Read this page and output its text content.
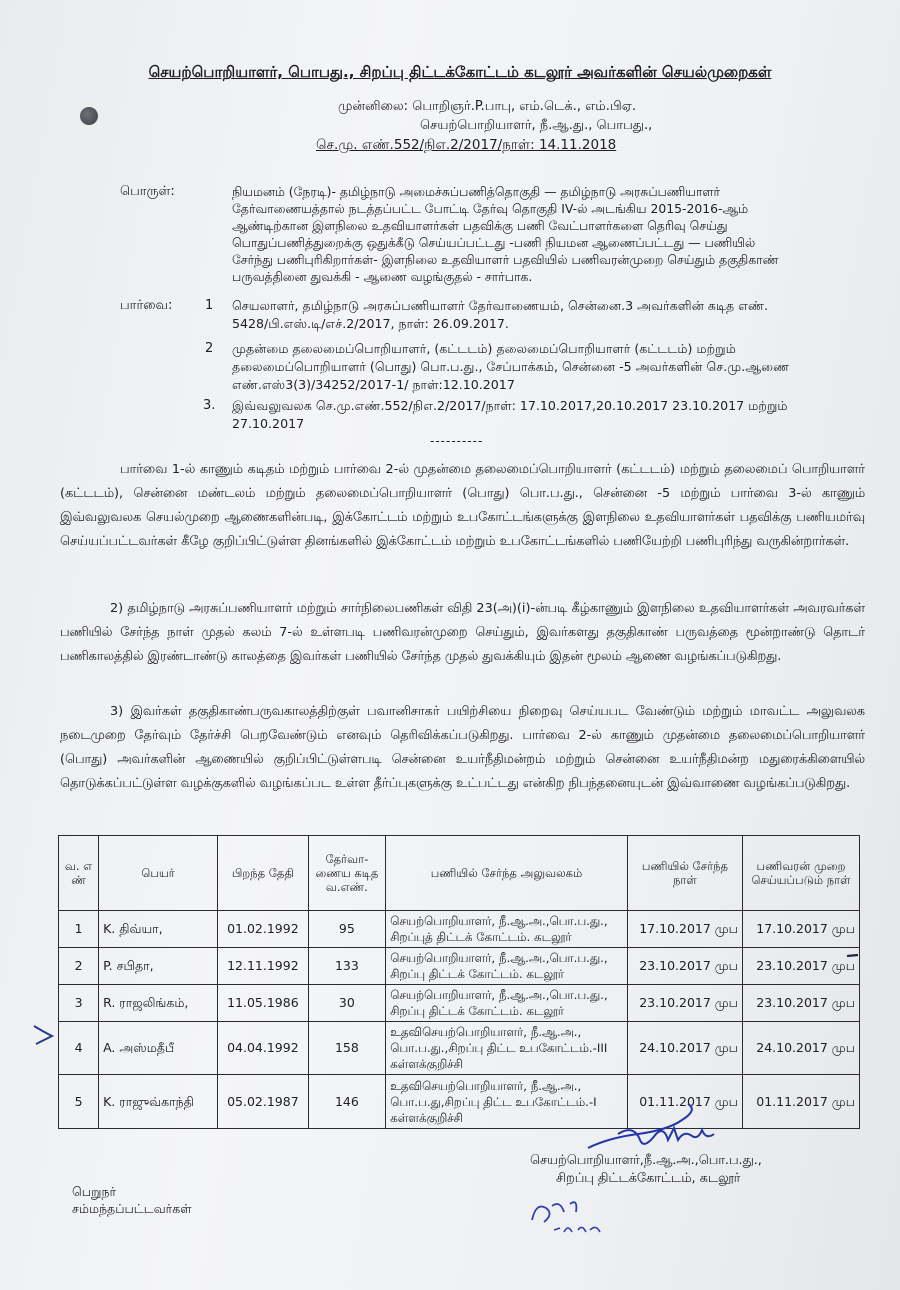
செயற்பொறியாளர், பொபது., சிறப்பு திட்டக்கோட்டம் கடலூர் அவர்களின் செயல்முறைகள்
முன்னிலை: பொறிஞர்.P.பாபு, எம்.டெக்., எம்.பிஏ.
செயற்பொறியாளர், நீ.ஆ.து., பொபது.,
செ.மு. எண்.552/நிஎ.2/2017/நாள்: 14.11.2018
பொருள்:	நியமனம் (நேரடி)- தமிழ்நாடு அமைச்சுப்பணித்தொகுதி — தமிழ்நாடு அரசுப்பணியாளர் தேர்வாணையத்தால் நடத்தப்பட்ட போட்டி தேர்வு தொகுதி IV-ல் அடங்கிய 2015-2016-ஆம் ஆண்டிற்கான இளநிலை உதவியாளர்கள் பதவிக்கு பணி வேட்பாளர்களை தெரிவு செய்து பொதுப்பணித்துறைக்கு ஒதுக்கீடு செய்யப்பட்டது -பணி நியமன ஆணைப்பட்டது — பணியில் சேர்ந்து பணிபுரிகிறார்கள்- இளநிலை உதவியாளர் பதவியில் பணிவரன்முறை செய்தும் தகுதிகாண் பருவத்தினை துவக்கி - ஆணை வழங்குதல் - சார்பாக.
பார்வை:	1 செயலாளர், தமிழ்நாடு அரசுப்பணியாளர் தேர்வாணையம், சென்னை.3 அவர்களின் கடித எண். 5428/பி.எஸ்.டி/எச்.2/2017, நாள்: 26.09.2017.
2 முதன்மை தலைமைப்பொறியாளர், (கட்டடம்) தலைமைப்பொறியாளர் (கட்டடம்) மற்றும் தலைமைப்பொறியாளர் (பொது) பொ.ப.து., சேப்பாக்கம், சென்னை -5 அவர்களின் செ.மு.ஆணை எண்.எஸ்3(3)/34252/2017-1/ நாள்:12.10.2017
3. இவ்வலுவலக செ.மு.எண்.552/நிஎ.2/2017/நாள்: 17.10.2017,20.10.2017 23.10.2017 மற்றும் 27.10.2017
----------
பார்வை 1-ல் காணும் கடிதம் மற்றும் பார்வை 2-ல் முதன்மை தலைமைப்பொறியாளர் (கட்டடம்) மற்றும் தலைமைப் பொறியாளர் (கட்டடம்), சென்னை மண்டலம் மற்றும் தலைமைப்பொறியாளர் (பொது) பொ.ப.து., சென்னை -5 மற்றும் பார்வை 3-ல் காணும் இவ்வலுவலக செயல்முறை ஆணைகளின்படி, இக்கோட்டம் மற்றும் உபகோட்டங்களுக்கு இளநிலை உதவியாளர்கள் பதவிக்கு பணியமர்வு செய்யப்பட்டவர்கள் கீழே குறிப்பிட்டுள்ள தினங்களில் இக்கோட்டம் மற்றும் உபகோட்டங்களில் பணியேற்றி பணிபுரிந்து வருகின்றார்கள்.
2) தமிழ்நாடு அரசுப்பணியாளர் மற்றும் சார்நிலைபணிகள் விதி 23(அ)(i)-ன்படி கீழ்காணும் இளநிலை உதவியாளர்கள் அவரவர்கள் பணியில் சேர்ந்த நாள் முதல் கலம் 7-ல் உள்ளபடி பணிவரன்முறை செய்தும், இவர்களது தகுதிகாண் பருவத்தை மூன்றாண்டு தொடர் பணிகாலத்தில் இரண்டாண்டு காலத்தை இவர்கள் பணியில் சேர்ந்த முதல் துவக்கியும் இதன் மூலம் ஆணை வழங்கப்படுகிறது.
3) இவர்கள் தகுதிகாண்பருவகாலத்திற்குள் பவானிசாகர் பயிற்சியை நிறைவு செய்யபட வேண்டும் மற்றும் மாவட்ட அலுவலக நடைமுறை தேர்வும் தேர்ச்சி பெறவேண்டும் எனவும் தெரிவிக்கப்படுகிறது. பார்வை 2-ல் காணும் முதன்மை தலைமைப்பொறியாளர் (பொது) அவர்களின் ஆணையில் குறிப்பிட்டுள்ளபடி சென்னை உயர்நீதிமன்றம் மற்றும் சென்னை உயர்நீதிமன்ற மதுரைக்கிளையில் தொடுக்கப்பட்டுள்ள வழக்குகளில் வழங்கப்பட உள்ள தீர்ப்புகளுக்கு உட்பட்டது என்கிற நிபந்தனையுடன் இவ்வாணை வழங்கப்படுகிறது.
வ. எ ண்	பெயர்	பிறந்த தேதி	தேர்வா- ணைய கடித வ.எண்.	பணியில் சேர்ந்த அலுவலகம்	பணியில் சேர்ந்த நாள்	பணிவரன் முறை செய்யப்படும் நாள்
1	K. திவ்யா,	01.02.1992	95	செயற்பொறியாளர், நீ.ஆ.அ.,பொ.ப.து., சிறப்புத் திட்டக் கோட்டம். கடலூர்	17.10.2017 முப	17.10.2017 முப
2	P. சபிதா,	12.11.1992	133	செயற்பொறியாளர், நீ.ஆ.அ.,பொ.ப.து., சிறப்பு திட்டக் கோட்டம். கடலூர்	23.10.2017 முப	23.10.2017 முப
3	R. ராஜலிங்கம்,	11.05.1986	30	செயற்பொறியாளர், நீ.ஆ.அ.,பொ.ப.து., சிறப்பு திட்டக் கோட்டம். கடலூர்	23.10.2017 முப	23.10.2017 முப
4	A. அஸ்மதீபீ	04.04.1992	158	உதவிசெயற்பொறியாளர், நீ.ஆ.அ., பொ.ப.து.,சிறப்பு திட்ட உபகோட்டம்.-III கள்ளக்குறிச்சி	24.10.2017 முப	24.10.2017 முப
5	K. ராஜுவ்காந்தி	05.02.1987	146	உதவிசெயற்பொறியாளர், நீ.ஆ.அ., பொ.ப.து,சிறப்பு திட்ட உபகோட்டம்.-I கள்ளக்குறிச்சி	01.11.2017 முப	01.11.2017 முப
செயற்பொறியாளர்,நீ.ஆ.அ.,பொ.ப.து.,
சிறப்பு திட்டக்கோட்டம், கடலூர்
பெறுநர்
சம்மந்தப்பட்டவர்கள்
